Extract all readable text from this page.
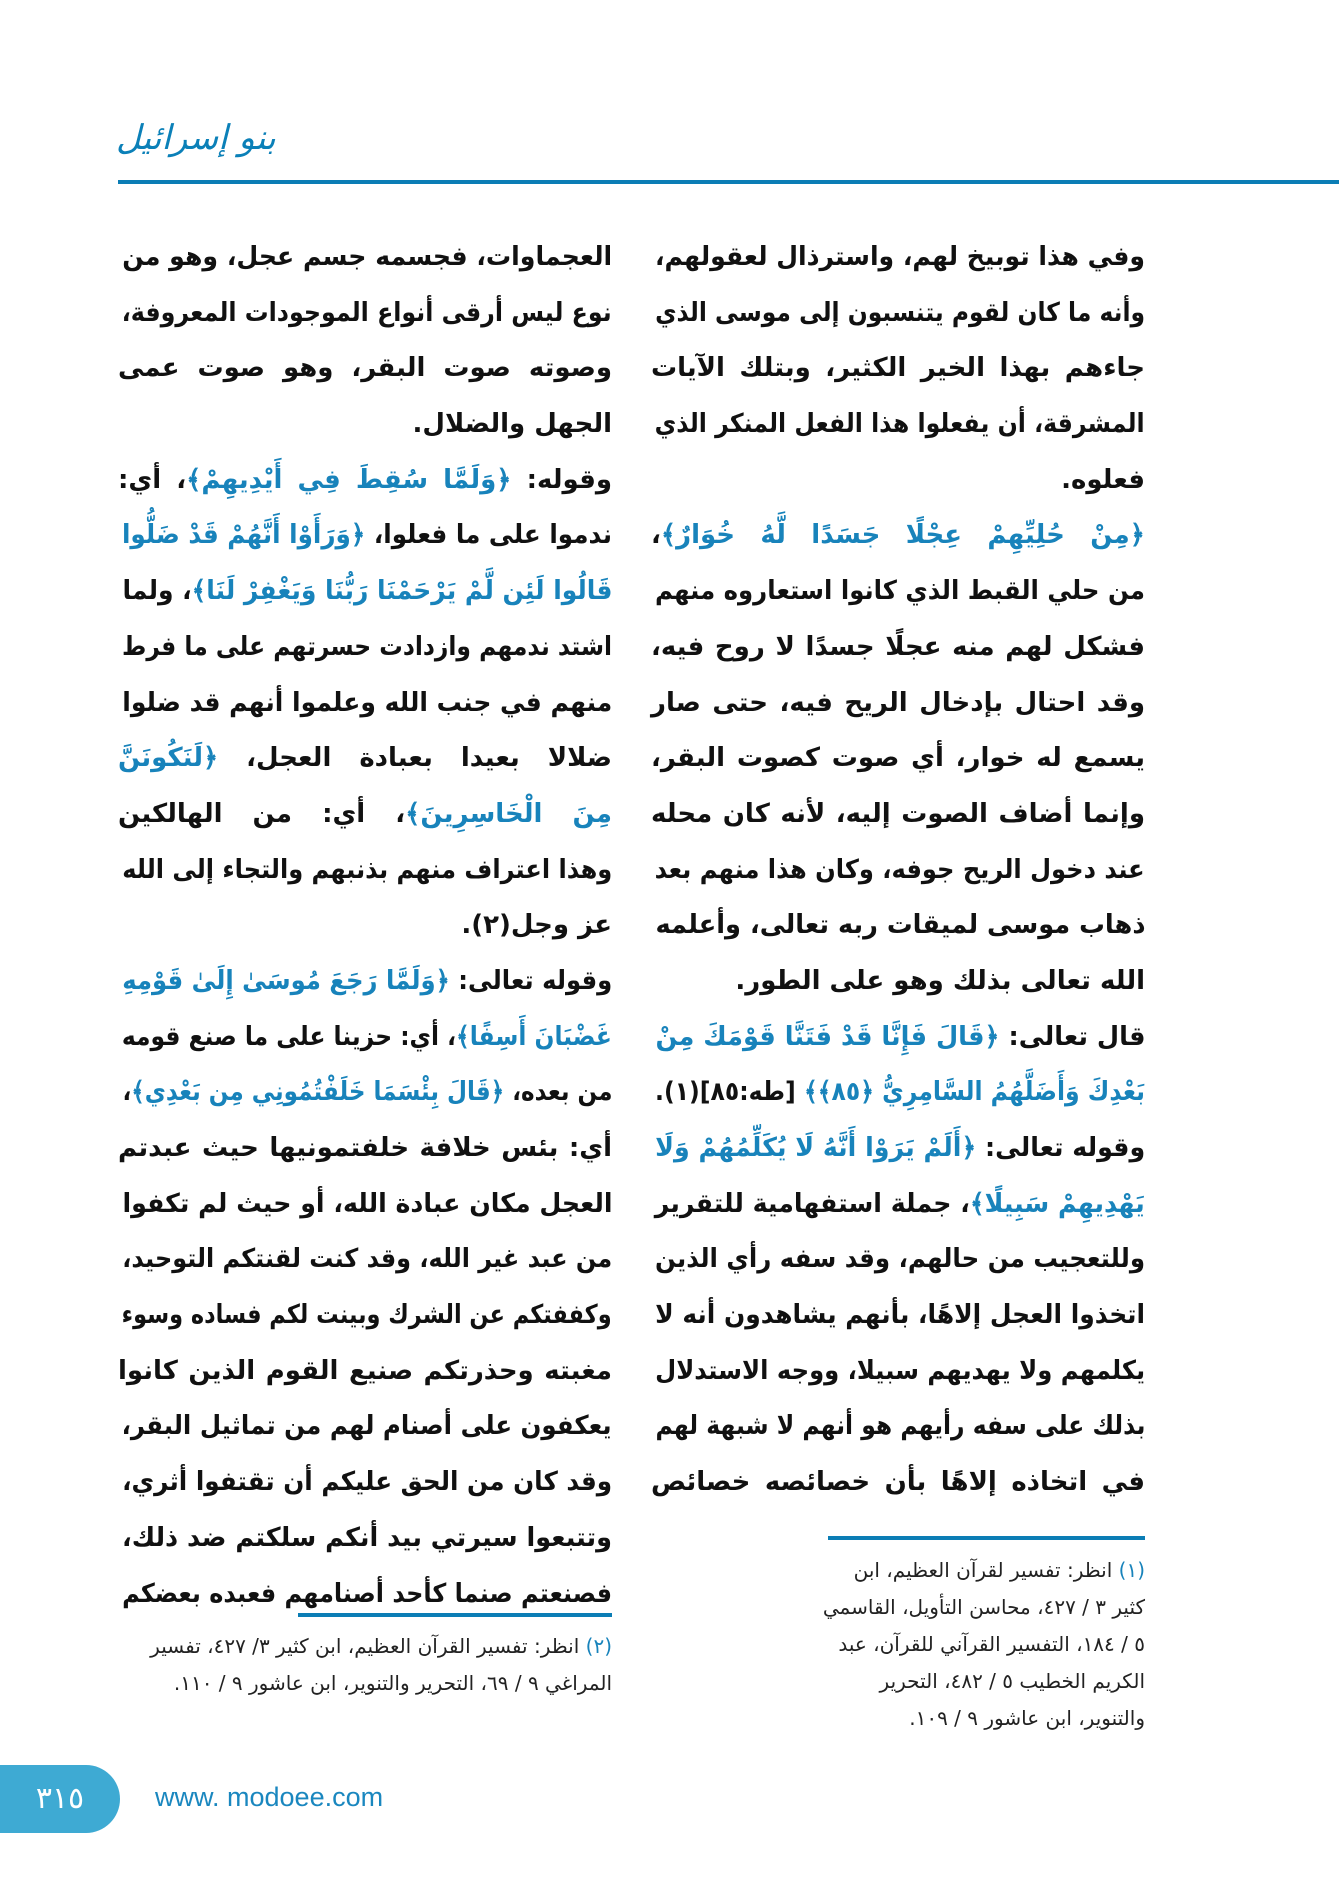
بنو إسرائيل
وفي هذا توبيخ لهم، واسترذال لعقولهم،
وأنه ما كان لقوم يتنسبون إلى موسى الذي
جاءهم بهذا الخير الكثير، وبتلك الآيات
المشرقة، أن يفعلوا هذا الفعل المنكر الذي
فعلوه.
﴿مِنْ حُلِيِّهِمْ عِجْلًا جَسَدًا لَّهُ خُوَارٌ﴾،
من حلي القبط الذي كانوا استعاروه منهم
فشكل لهم منه عجلًا جسدًا لا روح فيه،
وقد احتال بإدخال الريح فيه، حتى صار
يسمع له خوار، أي صوت كصوت البقر،
وإنما أضاف الصوت إليه، لأنه كان محله
عند دخول الريح جوفه، وكان هذا منهم بعد
ذهاب موسى لميقات ربه تعالى، وأعلمه
الله تعالى بذلك وهو على الطور.
قال تعالى: ﴿قَالَ فَإِنَّا قَدْ فَتَنَّا قَوْمَكَ مِنْ
بَعْدِكَ وَأَضَلَّهُمُ السَّامِرِيُّ ﴿٨٥﴾﴾ [طه:٨٥](١).
وقوله تعالى: ﴿أَلَمْ يَرَوْا أَنَّهُ لَا يُكَلِّمُهُمْ وَلَا
يَهْدِيهِمْ سَبِيلًا﴾، جملة استفهامية للتقرير
وللتعجيب من حالهم، وقد سفه رأي الذين
اتخذوا العجل إلاهًا، بأنهم يشاهدون أنه لا
يكلمهم ولا يهديهم سبيلا، ووجه الاستدلال
بذلك على سفه رأيهم هو أنهم لا شبهة لهم
في اتخاذه إلاهًا بأن خصائصه خصائص
العجماوات، فجسمه جسم عجل، وهو من
نوع ليس أرقى أنواع الموجودات المعروفة،
وصوته صوت البقر، وهو صوت عمى
الجهل والضلال.
وقوله: ﴿وَلَمَّا سُقِطَ فِي أَيْدِيهِمْ﴾، أي:
ندموا على ما فعلوا، ﴿وَرَأَوْا أَنَّهُمْ قَدْ ضَلُّوا
قَالُوا لَئِن لَّمْ يَرْحَمْنَا رَبُّنَا وَيَغْفِرْ لَنَا﴾، ولما
اشتد ندمهم وازدادت حسرتهم على ما فرط
منهم في جنب الله وعلموا أنهم قد ضلوا
ضلالا بعيدا بعبادة العجل، ﴿لَنَكُونَنَّ
مِنَ الْخَاسِرِينَ﴾، أي: من الهالكين
وهذا اعتراف منهم بذنبهم والتجاء إلى الله
عز وجل(٢).
وقوله تعالى: ﴿وَلَمَّا رَجَعَ مُوسَىٰ إِلَىٰ قَوْمِهِ
غَضْبَانَ أَسِفًا﴾، أي: حزينا على ما صنع قومه
من بعده، ﴿قَالَ بِئْسَمَا خَلَفْتُمُونِي مِن بَعْدِي﴾،
أي: بئس خلافة خلفتمونيها حيث عبدتم
العجل مكان عبادة الله، أو حيث لم تكفوا
من عبد غير الله، وقد كنت لقنتكم التوحيد،
وكففتكم عن الشرك وبينت لكم فساده وسوء
مغبته وحذرتكم صنيع القوم الذين كانوا
يعكفون على أصنام لهم من تماثيل البقر،
وقد كان من الحق عليكم أن تقتفوا أثري،
وتتبعوا سيرتي بيد أنكم سلكتم ضد ذلك،
فصنعتم صنما كأحد أصنامهم فعبده بعضكم
(١) انظر: تفسير لقرآن العظيم، ابن كثير ٣ / ٤٢٧، محاسن التأويل، القاسمي ٥ / ١٨٤، التفسير القرآني للقرآن، عبد الكريم الخطيب ٥ / ٤٨٢، التحرير والتنوير، ابن عاشور ٩ / ١٠٩.
(٢) انظر: تفسير القرآن العظيم، ابن كثير ٣/ ٤٢٧، تفسير المراغي ٩ / ٦٩، التحرير والتنوير، ابن عاشور ٩ / ١١٠.
٣١٥	www. modoee.com
